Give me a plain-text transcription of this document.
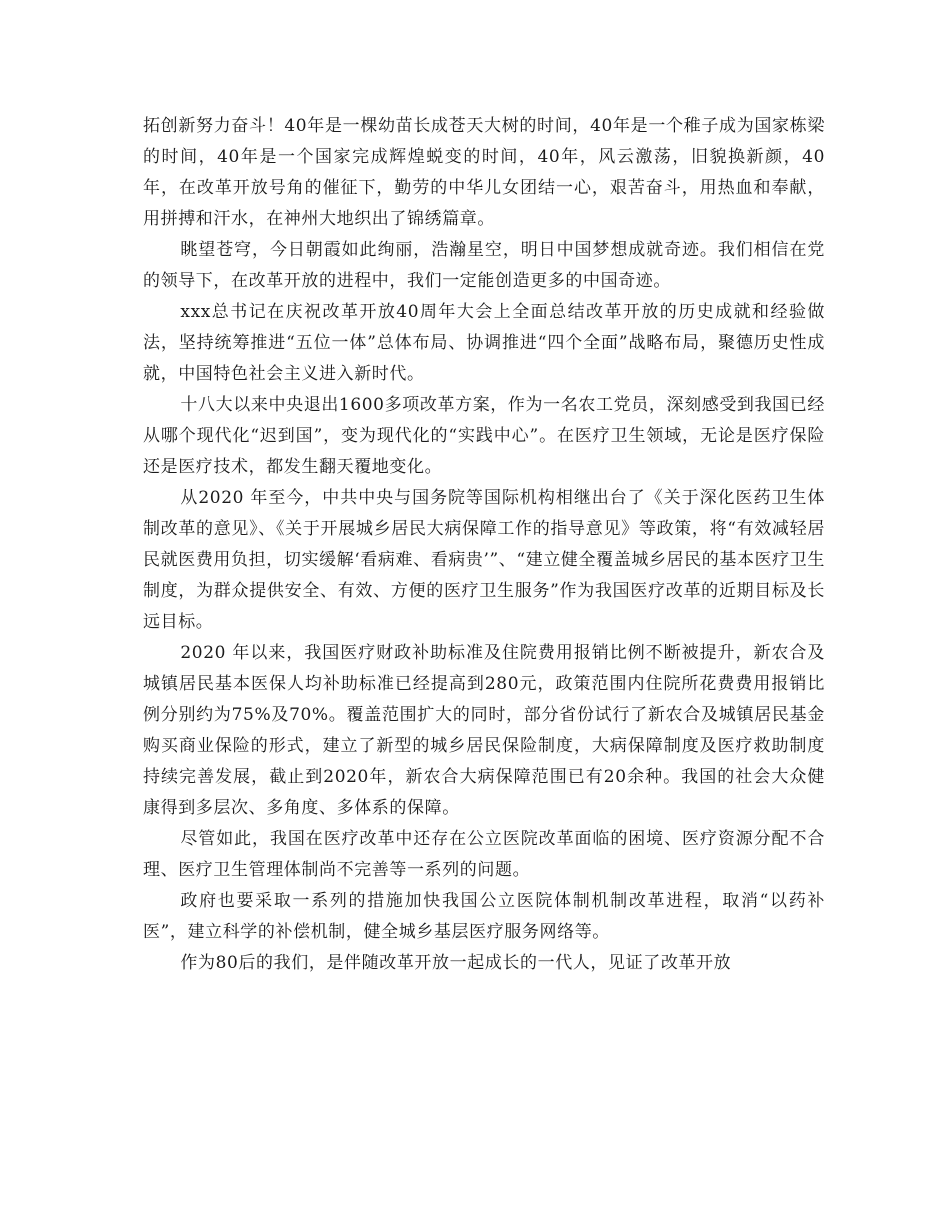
拓创新努力奋斗！40年是一棵幼苗长成苍天大树的时间，40年是一个稚子成为国家栋梁的时间，40年是一个国家完成辉煌蜕变的时间，40年，风云激荡，旧貌换新颜，40年，在改革开放号角的催征下，勤劳的中华儿女团结一心，艰苦奋斗，用热血和奉献，用拼搏和汗水，在神州大地织出了锦绣篇章。

眺望苍穹，今日朝霞如此绚丽，浩瀚星空，明日中国梦想成就奇迹。我们相信在党的领导下，在改革开放的进程中，我们一定能创造更多的中国奇迹。

xxx总书记在庆祝改革开放40周年大会上全面总结改革开放的历史成就和经验做法，坚持统筹推进“五位一体”总体布局、协调推进“四个全面”战略布局，聚德历史性成就，中国特色社会主义进入新时代。

十八大以来中央退出1600多项改革方案，作为一名农工党员，深刻感受到我国已经从哪个现代化“迟到国”，变为现代化的“实践中心”。在医疗卫生领域，无论是医疗保险还是医疗技术，都发生翻天覆地变化。

从2020 年至今，中共中央与国务院等国际机构相继出台了《关于深化医药卫生体制改革的意见》、《关于开展城乡居民大病保障工作的指导意见》等政策，将“有效减轻居民就医费用负担，切实缓解‘看病难、看病贵’”、“建立健全覆盖城乡居民的基本医疗卫生制度，为群众提供安全、有效、方便的医疗卫生服务”作为我国医疗改革的近期目标及长远目标。

2020 年以来，我国医疗财政补助标准及住院费用报销比例不断被提升，新农合及城镇居民基本医保人均补助标准已经提高到280元，政策范围内住院所花费费用报销比例分别约为75%及70%。覆盖范围扩大的同时，部分省份试行了新农合及城镇居民基金购买商业保险的形式，建立了新型的城乡居民保险制度，大病保障制度及医疗救助制度持续完善发展，截止到2020年，新农合大病保障范围已有20余种。我国的社会大众健康得到多层次、多角度、多体系的保障。

尽管如此，我国在医疗改革中还存在公立医院改革面临的困境、医疗资源分配不合理、医疗卫生管理体制尚不完善等一系列的问题。

政府也要采取一系列的措施加快我国公立医院体制机制改革进程，取消“以药补医”，建立科学的补偿机制，健全城乡基层医疗服务网络等。

作为80后的我们，是伴随改革开放一起成长的一代人，见证了改革开放
